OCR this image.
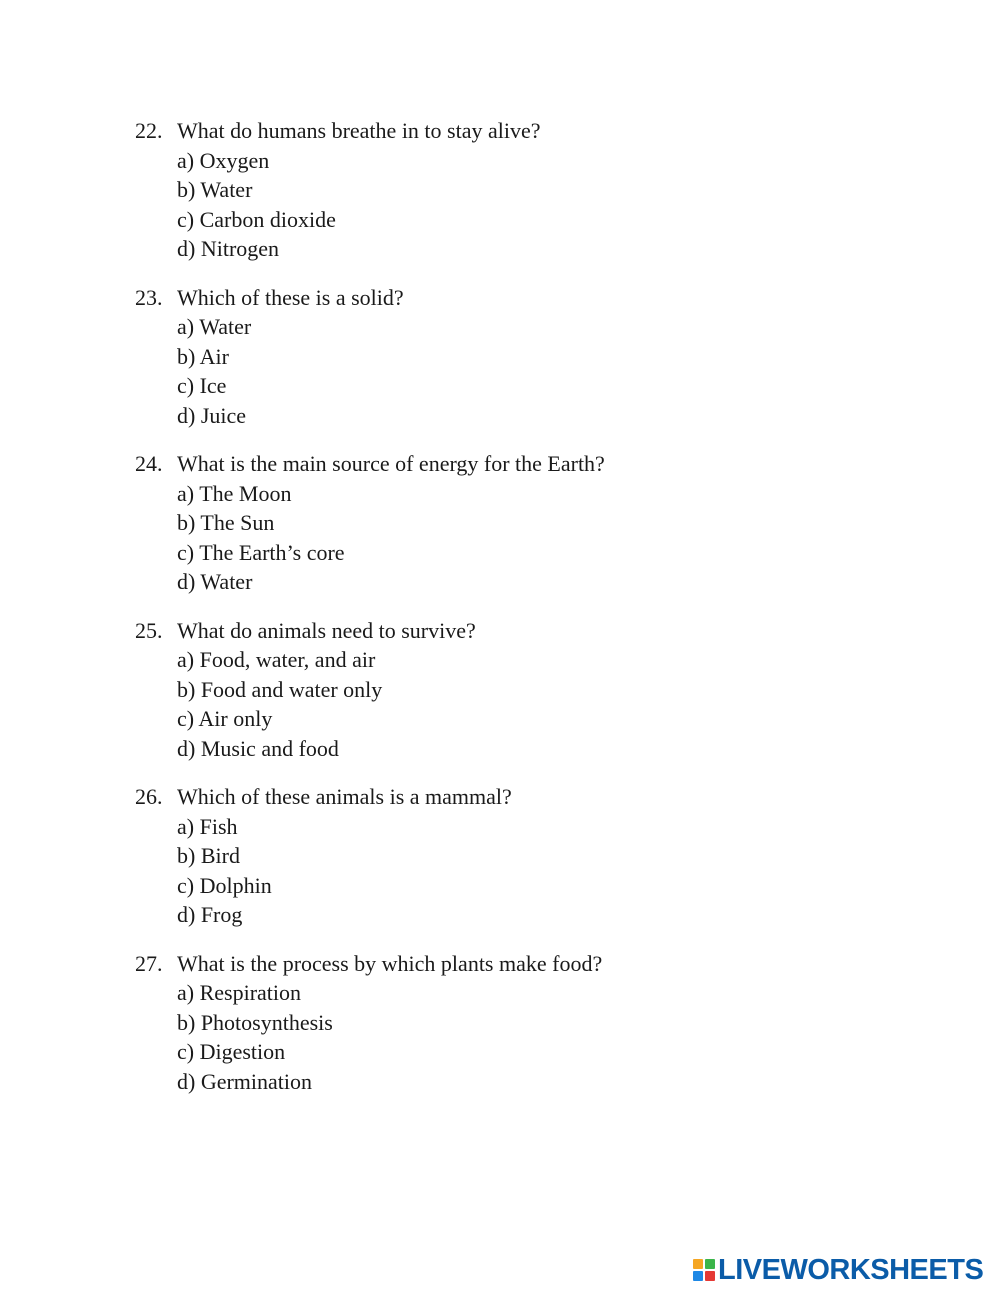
22. What do humans breathe in to stay alive?
a) Oxygen
b) Water
c) Carbon dioxide
d) Nitrogen
23. Which of these is a solid?
a) Water
b) Air
c) Ice
d) Juice
24. What is the main source of energy for the Earth?
a) The Moon
b) The Sun
c) The Earth’s core
d) Water
25. What do animals need to survive?
a) Food, water, and air
b) Food and water only
c) Air only
d) Music and food
26. Which of these animals is a mammal?
a) Fish
b) Bird
c) Dolphin
d) Frog
27. What is the process by which plants make food?
a) Respiration
b) Photosynthesis
c) Digestion
d) Germination
LIVEWORKSHEETS
